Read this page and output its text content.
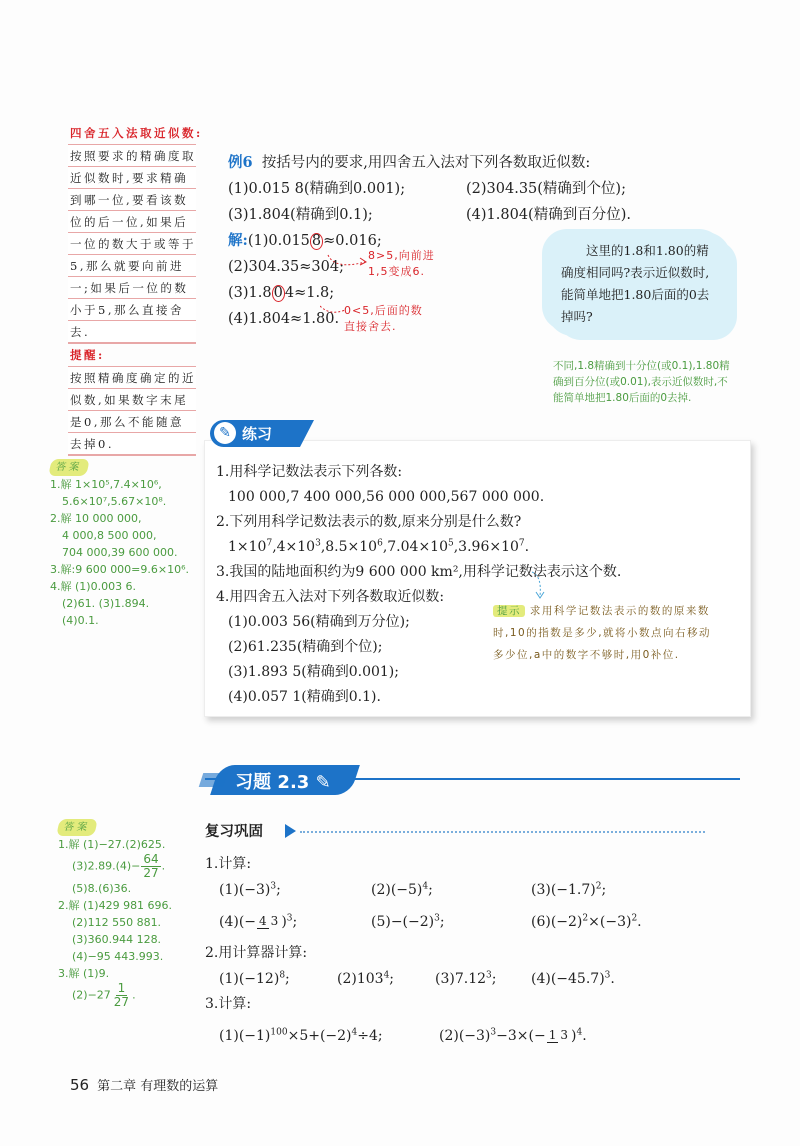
四舍五入法取近似数:
按照要求的精确度取近似数时,要求精确到哪一位,要看该数位的后一位,如果后一位的数大于或等于5,那么就要向前进一;如果后一位的数小于5,那么直接舍去.
提醒:
按照精确度确定的近似数,如果数字末尾是0,那么不能随意去掉0.
答案
1.解 1×10⁵,7.4×10⁶,
5.6×10⁷,5.67×10⁸.
2.解 10 000 000,
4 000,8 500 000,
704 000,39 600 000.
3.解:9 600 000=9.6×10⁶.
4.解 (1)0.003 6.
(2)61. (3)1.894.
(4)0.1.
例6 按括号内的要求,用四舍五入法对下列各数取近似数:
(1)0.015 8(精确到0.001);	(2)304.35(精确到个位);
(3)1.804(精确到0.1);	(4)1.804(精确到百分位).
解:(1)0.015 8 ≈0.016;
(2)304.35≈304;
(3)1.8 0 4≈1.8;
(4)1.804≈1.80.
8>5,向前进1,5变成6.
0<5,后面的数直接舍去.
这里的1.8和1.80的精确度相同吗?表示近似数时,能简单地把1.80后面的0去掉吗?
不同,1.8精确到十分位(或0.1),1.80精确到百分位(或0.01),表示近似数时,不能简单地把1.80后面的0去掉.
✎ 练习
1.用科学记数法表示下列各数:
100 000,7 400 000,56 000 000,567 000 000.
2.下列用科学记数法表示的数,原来分别是什么数?
$1\times 10^7,4\times 10^3,8.5\times 10^6,7.04\times 10^5,3.96\times 10^7$.
3.我国的陆地面积约为9 600 000 km²,用科学记数法表示这个数.
4.用四舍五入法对下列各数取近似数:
(1)0.003 56(精确到万分位);
(2)61.235(精确到个位);
(3)1.893 5(精确到0.001);
(4)0.057 1(精确到0.1).
提示 求用科学记数法表示的数的原来数时,10的指数是多少,就将小数点向右移动多少位,a中的数字不够时,用0补位.
习题 2.3 ✎
复习巩固
答案
1.解 (1)−27.(2)625.
$(3)2.89.(4)- \frac{64}{27}$ .
(5)8.(6)36.
2.解 (1)429 981 696.
(2)112 550 881.
(3)360.944 128.
(4)−95 443.993.
3.解 (1)9.
$(2)-27 \frac{1}{27}$ .
1.计算:
$(1)(-3)^3$;	$(2)(-5)^4$;	$(3)(-1.7)^2$;
(4)(− 4 3 )$^3$;	$(5)-(-2)^3$;	$(6)(-2)^2\times(-3)^2$.
2.用计算器计算:
$(1)(-12)^8$;	$(2)103^4$;	(3)7.12$^3$;	$(4)(-45.7)^3$.
3.计算:
$(1)(-1)^{100}\times 5+(-2)^4\div 4$;	$(2)(-3)^3-3\times(- 1$ 3 )$^4$.
56 第二章 有理数的运算
